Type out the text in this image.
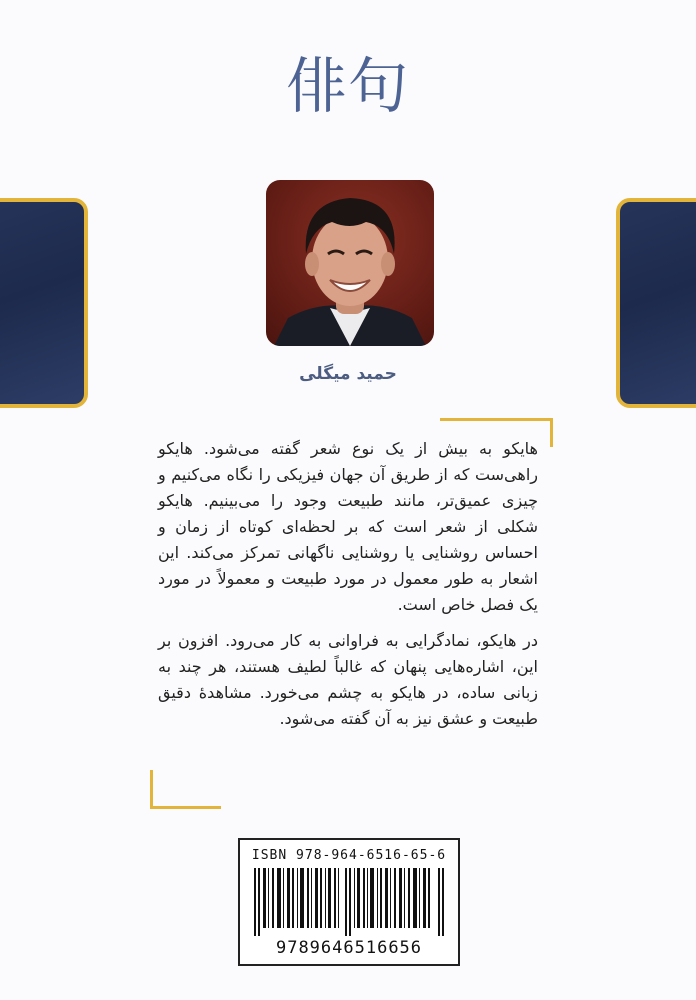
俳句
حمید میگلی

هایکو به بیش از یک نوع شعر گفته می‌شود. هایکو راهی‌ست که از طریق آن جهان فیزیکی را نگاه می‌کنیم و چیزی عمیق‌تر، مانند طبیعت وجود را می‌بینیم. هایکو شکلی از شعر است که بر لحظه‌ای کوتاه از زمان و احساس روشنایی یا روشنایی ناگهانی تمرکز می‌کند. این اشعار به طور معمول در مورد طبیعت و معمولاً در مورد یک فصل خاص است.

در هایکو، نمادگرایی به فراوانی به کار می‌رود. افزون بر این، اشاره‌هایی پنهان که غالباً لطیف هستند، هر چند به زبانی ساده، در هایکو به چشم می‌خورد. مشاهدهٔ دقیق طبیعت و عشق نیز به آن گفته می‌شود.

ISBN 978-964-6516-65-6
9789646516656
